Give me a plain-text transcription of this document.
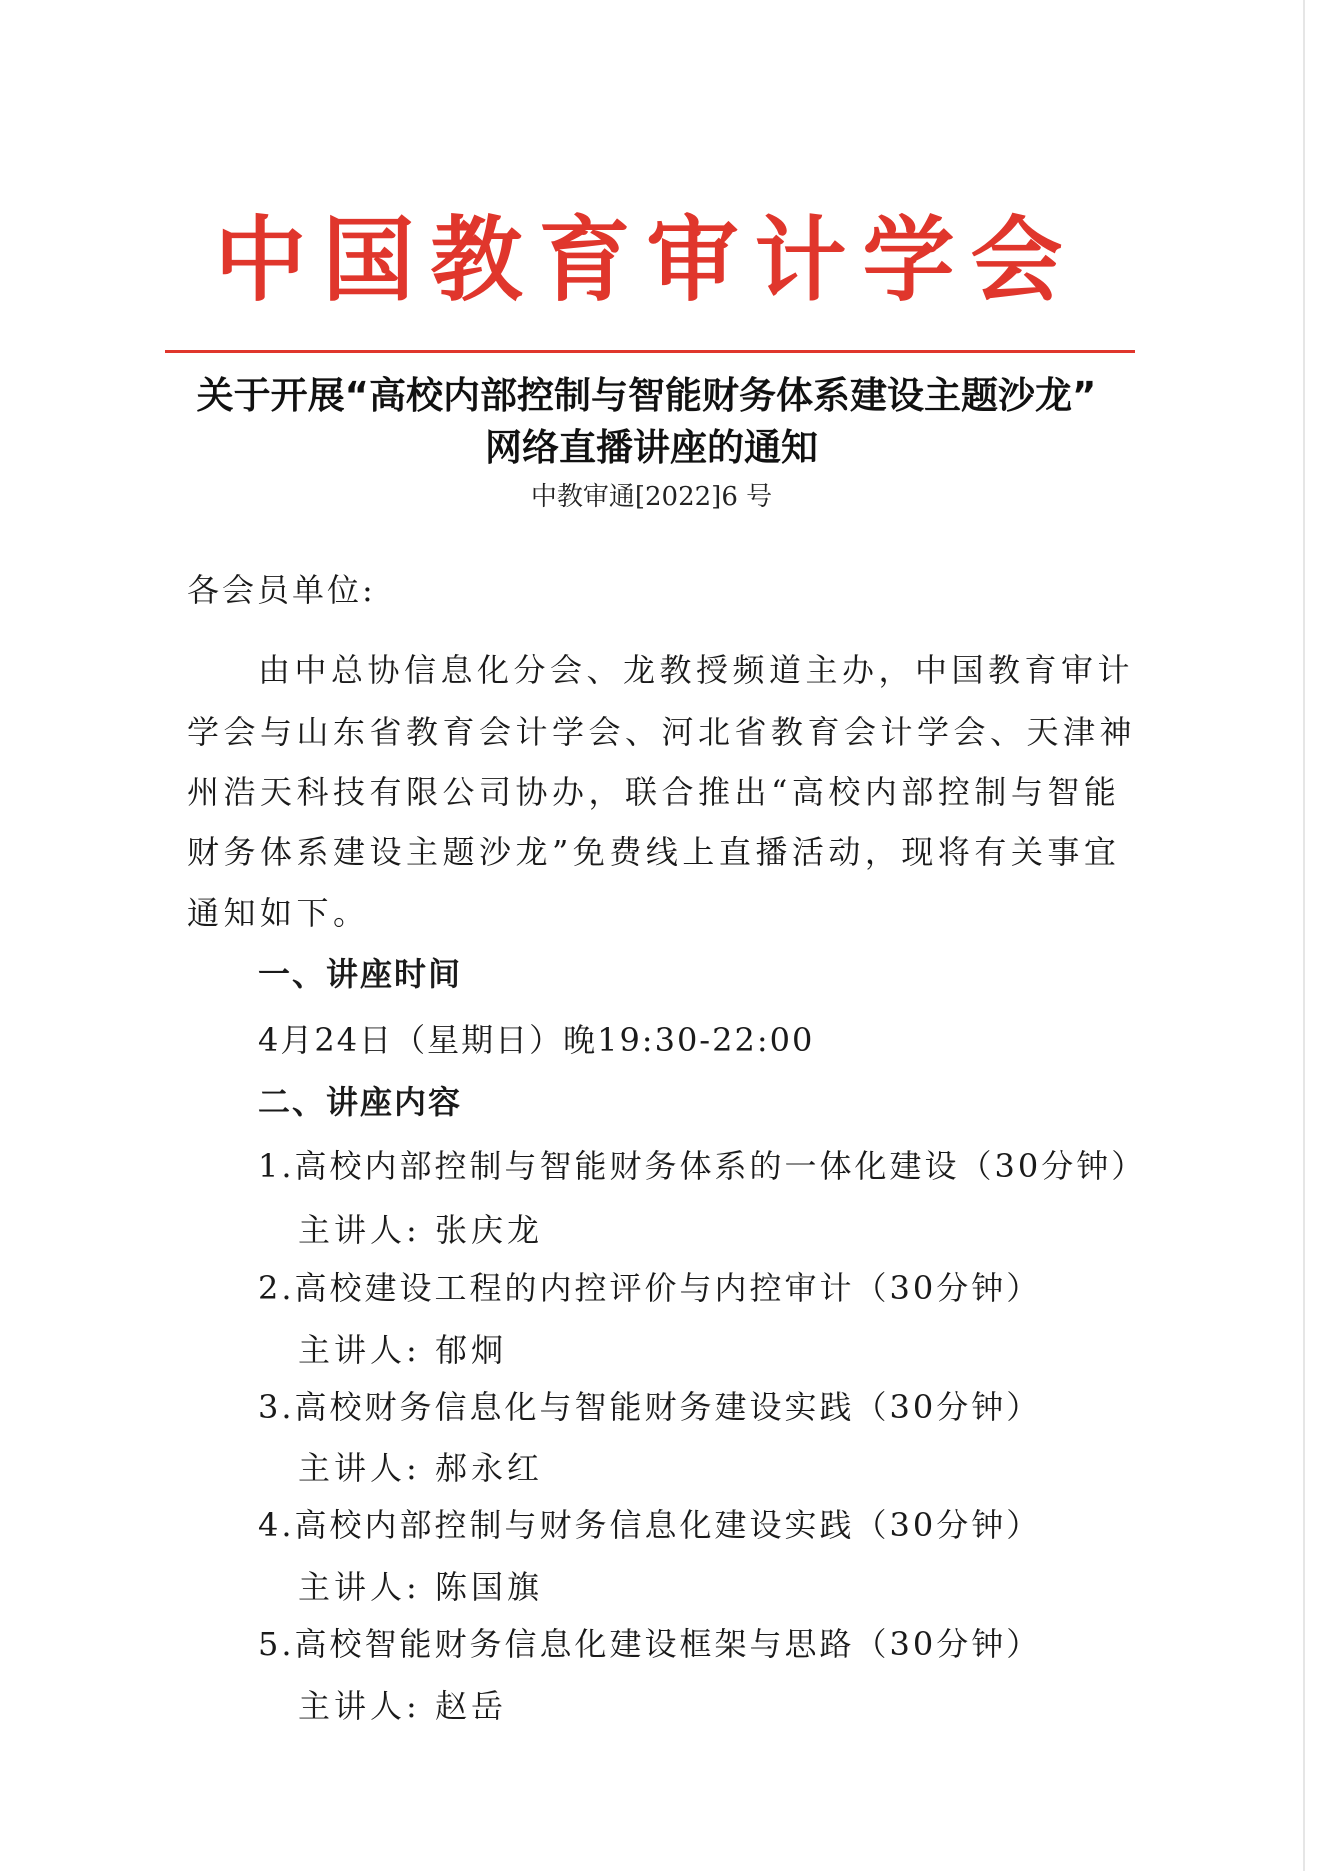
中国教育审计学会
关于开展“高校内部控制与智能财务体系建设主题沙龙”
网络直播讲座的通知
中教审通[2022]6 号
各会员单位:
由中总协信息化分会、龙教授频道主办，中国教育审计
学会与山东省教育会计学会、河北省教育会计学会、天津神
州浩天科技有限公司协办，联合推出“高校内部控制与智能
财务体系建设主题沙龙”免费线上直播活动，现将有关事宜
通知如下。
一、讲座时间
4月24日（星期日）晚19:30-22:00
二、讲座内容
1.高校内部控制与智能财务体系的一体化建设（30分钟）
主讲人: 张庆龙
2.高校建设工程的内控评价与内控审计（30分钟）
主讲人: 郁炯
3.高校财务信息化与智能财务建设实践（30分钟）
主讲人: 郝永红
4.高校内部控制与财务信息化建设实践（30分钟）
主讲人: 陈国旗
5.高校智能财务信息化建设框架与思路（30分钟）
主讲人: 赵岳
